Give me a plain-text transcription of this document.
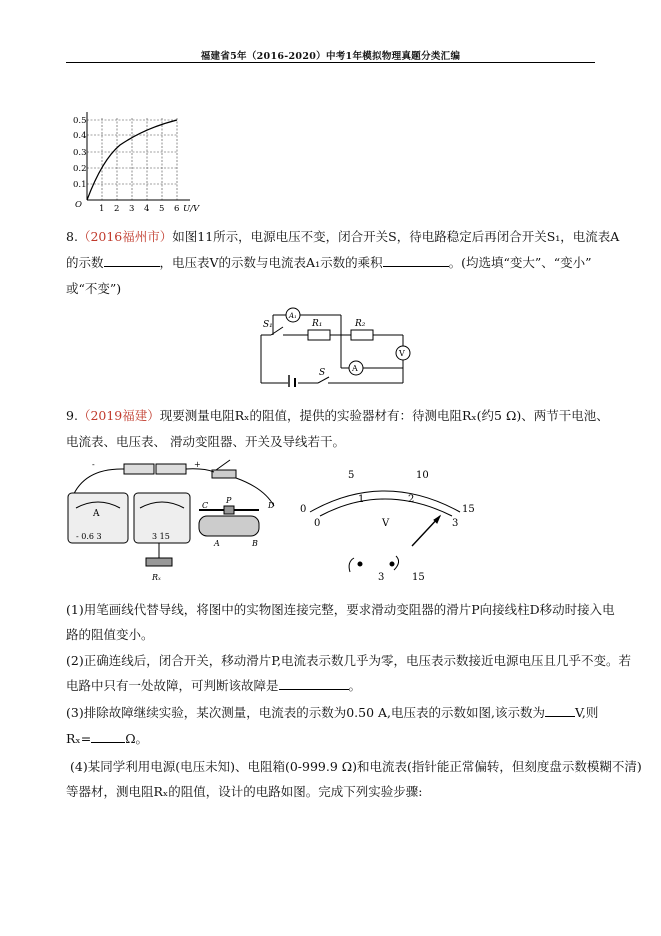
福建省5年（2016-2020）中考1年模拟物理真题分类汇编
0.5
0.4
0.3
0.2
0.1
O 1 2 3 4 5 6 U/V
8.（2016福州市）如图11所示，电源电压不变，闭合开关S，待电路稳定后再闭合开关S₁，电流表A
的示数	，电压表V的示数与电流表A₁示数的乘积	。(均选填“变大”、“变小”
或“不变”)
S₁
A₁
R₁	R₂
V
A
S
9.（2019福建）现要测量电阻Rₓ的阻值，提供的实验器材有：待测电阻Rₓ(约5 Ω)、两节干电池、
电流表、电压表、 滑动变阻器、开关及导线若干。
A
-	+
- 0.6 3	3 15
C
P
D
A	B
Rₓ
0
1	2
3
0
5	10
15
V
3	15
(1)用笔画线代替导线，将图中的实物图连接完整，要求滑动变阻器的滑片P向接线柱D移动时接入电
路的阻值变小。
(2)正确连线后，闭合开关，移动滑片P,电流表示数几乎为零，电压表示数接近电源电压且几乎不变。若
电路中只有一处故障，可判断该故障是	。
(3)排除故障继续实验，某次测量，电流表的示数为0.50 A,电压表的示数如图,该示数为 V,则
Rₓ=	Ω。
(4)某同学利用电源(电压未知)、电阻箱(0-999.9 Ω)和电流表(指针能正常偏转，但刻度盘示数模糊不清)
等器材，测电阻Rₓ的阻值，设计的电路如图。完成下列实验步骤:
